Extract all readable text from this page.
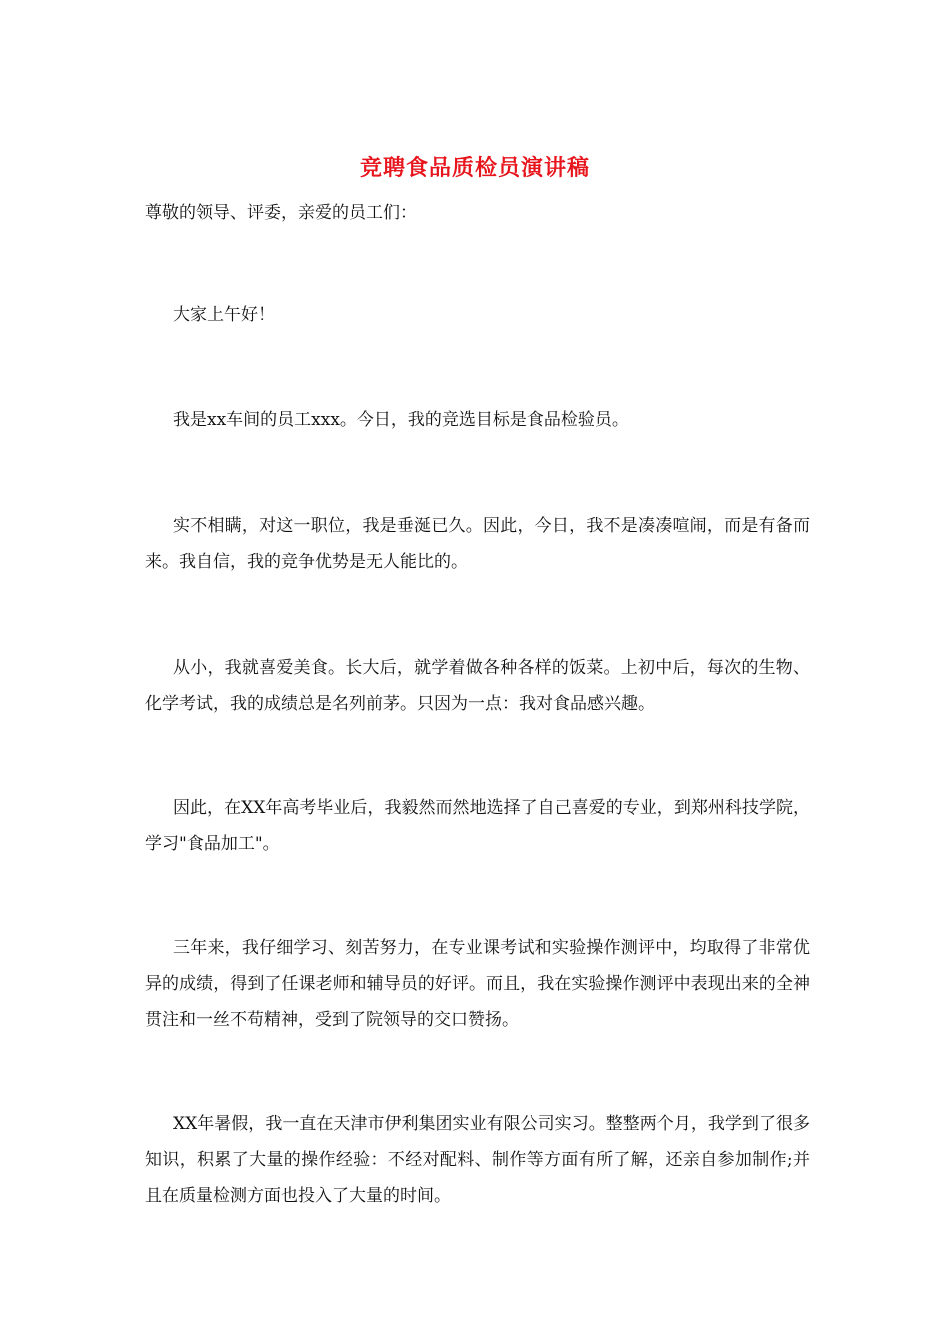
竞聘食品质检员演讲稿
尊敬的领导、评委，亲爱的员工们：

大家上午好！

我是xx车间的员工xxx。今日，我的竞选目标是食品检验员。

实不相瞒，对这一职位，我是垂涎已久。因此，今日，我不是凑凑喧闹，而是有备而来。我自信，我的竞争优势是无人能比的。

从小，我就喜爱美食。长大后，就学着做各种各样的饭菜。上初中后，每次的生物、化学考试，我的成绩总是名列前茅。只因为一点：我对食品感兴趣。

因此，在XX年高考毕业后，我毅然而然地选择了自己喜爱的专业，到郑州科技学院，学习"食品加工"。

三年来，我仔细学习、刻苦努力，在专业课考试和实验操作测评中，均取得了非常优异的成绩，得到了任课老师和辅导员的好评。而且，我在实验操作测评中表现出来的全神贯注和一丝不苟精神，受到了院领导的交口赞扬。

XX年暑假，我一直在天津市伊利集团实业有限公司实习。整整两个月，我学到了很多知识，积累了大量的操作经验：不经对配料、制作等方面有所了解，还亲自参加制作;并且在质量检测方面也投入了大量的时间。
